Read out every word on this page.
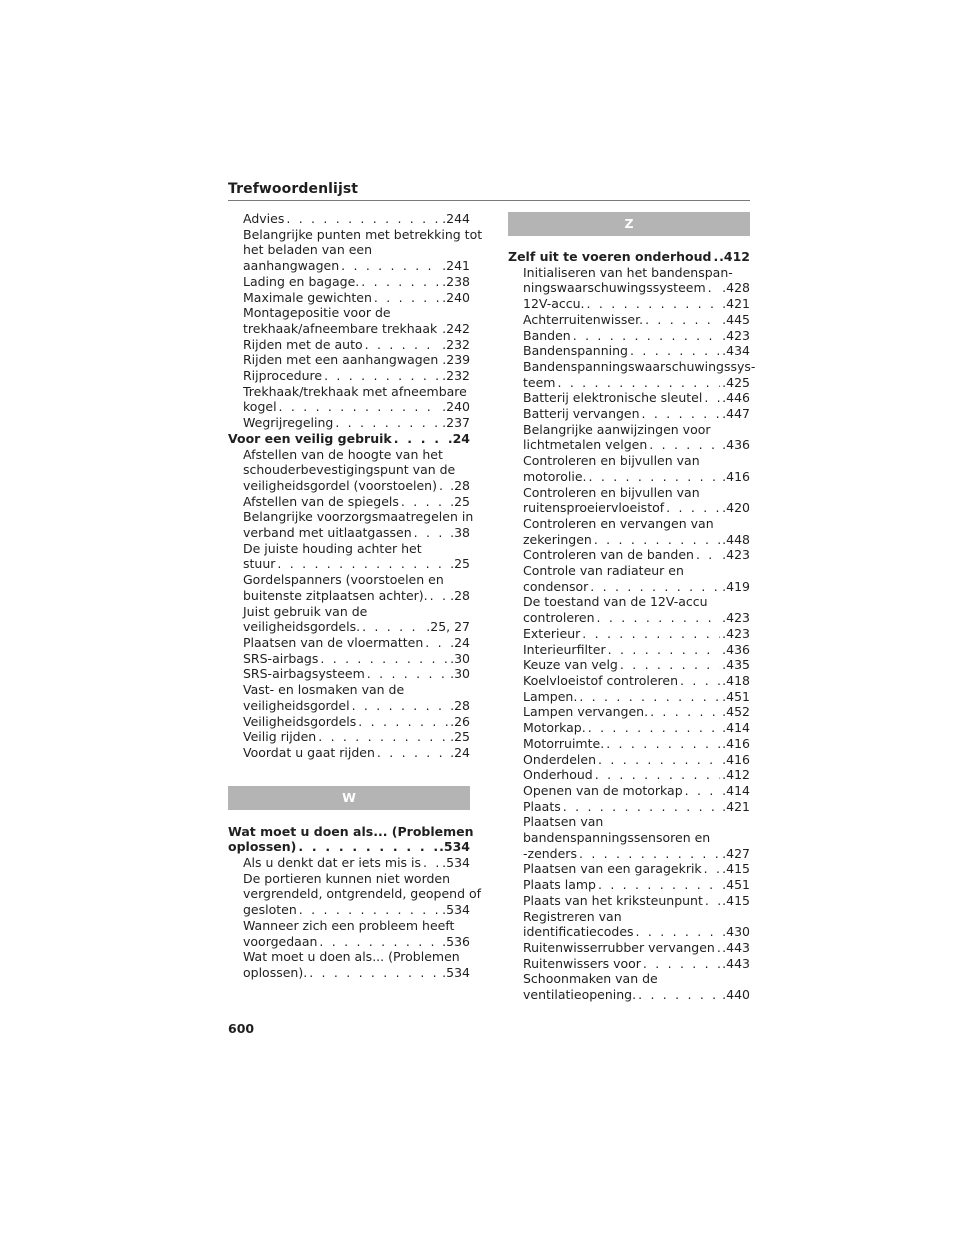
Trefwoordenlijst
Advies . . .	.244
Belangrijke punten met betrekking tot
het beladen van een
aanhangwagen . . .	.241
Lading en bagage. . . .	.238
Maximale gewichten . . .	.240
Montagepositie voor de
trekhaak/afneembare trekhaak . . . .242
Rijden met de auto . . .	.232
Rijden met een aanhangwagen .239
Rijprocedure . . .	.232
Trekhaak/trekhaak met afneembare
kogel . . .	.240
Wegrijregeling . . .	.237
Voor een veilig gebruik . . .	.24
Afstellen van de hoogte van het
schouderbevestigingspunt van de
veiligheidsgordel (voorstoelen) . . . .28
Afstellen van de spiegels . . .	.25
Belangrijke voorzorgsmaatregelen in
verband met uitlaatgassen . . .	.38
De juiste houding achter het
stuur . . .	.25
Gordelspanners (voorstoelen en
buitenste zitplaatsen achter). . . . .28
Juist gebruik van de
veiligheidsgordels. . . .	.25, 27
Plaatsen van de vloermatten . . . .24
SRS-airbags . . .	.30
SRS-airbagsysteem . . .	.30
Vast- en losmaken van de
veiligheidsgordel . . .	.28
Veiligheidsgordels . . .	.26
Veilig rijden . . .	.25
Voordat u gaat rijden . . .	.24
W
Wat moet u doen als... (Problemen
oplossen) . . .	.534
Als u denkt dat er iets mis is . . . .534
De portieren kunnen niet worden
vergrendeld, ontgrendeld, geopend of
gesloten . . .	.534
Wanneer zich een probleem heeft
voorgedaan . . .	.536
Wat moet u doen als... (Problemen
oplossen). . . .	.534
Z
Zelf uit te voeren onderhoud . . . .412
Initialiseren van het bandenspan-
ningswaarschuwingssysteem . . . .428
12V-accu. . . .	.421
Achterruitenwisser. . . .	.445
Banden . . .	.423
Bandenspanning . . .	.434
Bandenspanningswaarschuwingssys-
teem . . .	.425
Batterij elektronische sleutel . . . .446
Batterij vervangen . . .	.447
Belangrijke aanwijzingen voor
lichtmetalen velgen . . .	.436
Controleren en bijvullen van
motorolie. . . .	.416
Controleren en bijvullen van
ruitensproeiervloeistof . . .	.420
Controleren en vervangen van
zekeringen . . .	.448
Controleren van de banden . . . .423
Controle van radiateur en
condensor . . .	.419
De toestand van de 12V-accu
controleren . . .	.423
Exterieur . . .	.423
Interieurfilter . . .	.436
Keuze van velg . . .	.435
Koelvloeistof controleren . . .	.418
Lampen. . . .	.451
Lampen vervangen. . . .	.452
Motorkap. . . .	.414
Motorruimte. . . .	.416
Onderdelen . . .	.416
Onderhoud . . .	.412
Openen van de motorkap . . .	.414
Plaats . . .	.421
Plaatsen van
bandenspanningssensoren en
-zenders . . .	.427
Plaatsen van een garagekrik . . . .415
Plaats lamp . . .	.451
Plaats van het kriksteunpunt . . . .415
Registreren van
identificatiecodes . . .	.430
Ruitenwisserrubber vervangen . . . .443
Ruitenwissers voor . . .	.443
Schoonmaken van de
ventilatieopening. . . .	.440
600
